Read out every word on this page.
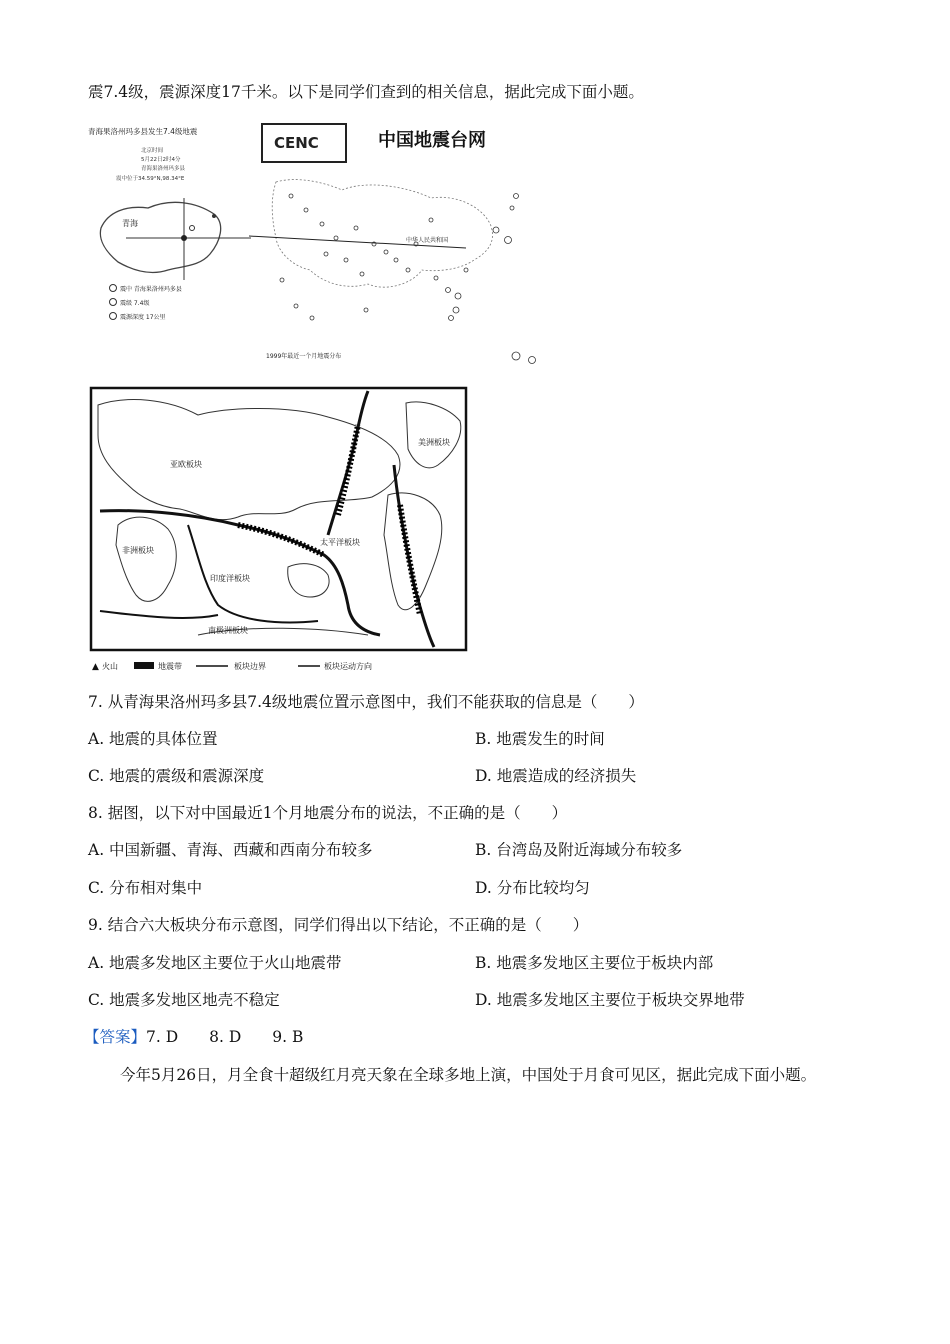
震7.4级，震源深度17千米。以下是同学们查到的相关信息，据此完成下面小题。
青海果洛州玛多县发生7.4级地震
北京时间
5月22日2时4分
青海果洛州玛多县
震中位于34.59°N,98.34°E
青海
震中 青海果洛州玛多县
震级 7.4级
震源深度 17公里
CENC	中国地震台网
中华人民共和国
1999年最近一个月地震分布
亚欧板块
太平洋板块
印度洋板块
南极洲板块
非洲板块
美洲板块
▲ 火山	地震带	板块边界	板块运动方向
7. 从青海果洛州玛多县7.4级地震位置示意图中，我们不能获取的信息是（　　）
A. 地震的具体位置	B. 地震发生的时间
C. 地震的震级和震源深度	D. 地震造成的经济损失
8. 据图，以下对中国最近1个月地震分布的说法，不正确的是（　　）
A. 中国新疆、青海、西藏和西南分布较多	B. 台湾岛及附近海域分布较多
C. 分布相对集中	D. 分布比较均匀
9. 结合六大板块分布示意图，同学们得出以下结论，不正确的是（　　）
A. 地震多发地区主要位于火山地震带	B. 地震多发地区主要位于板块内部
C. 地震多发地区地壳不稳定	D. 地震多发地区主要位于板块交界地带
【答案】7. D　　8. D　　9. B
今年5月26日，月全食十超级红月亮天象在全球多地上演，中国处于月食可见区，据此完成下面小题。
